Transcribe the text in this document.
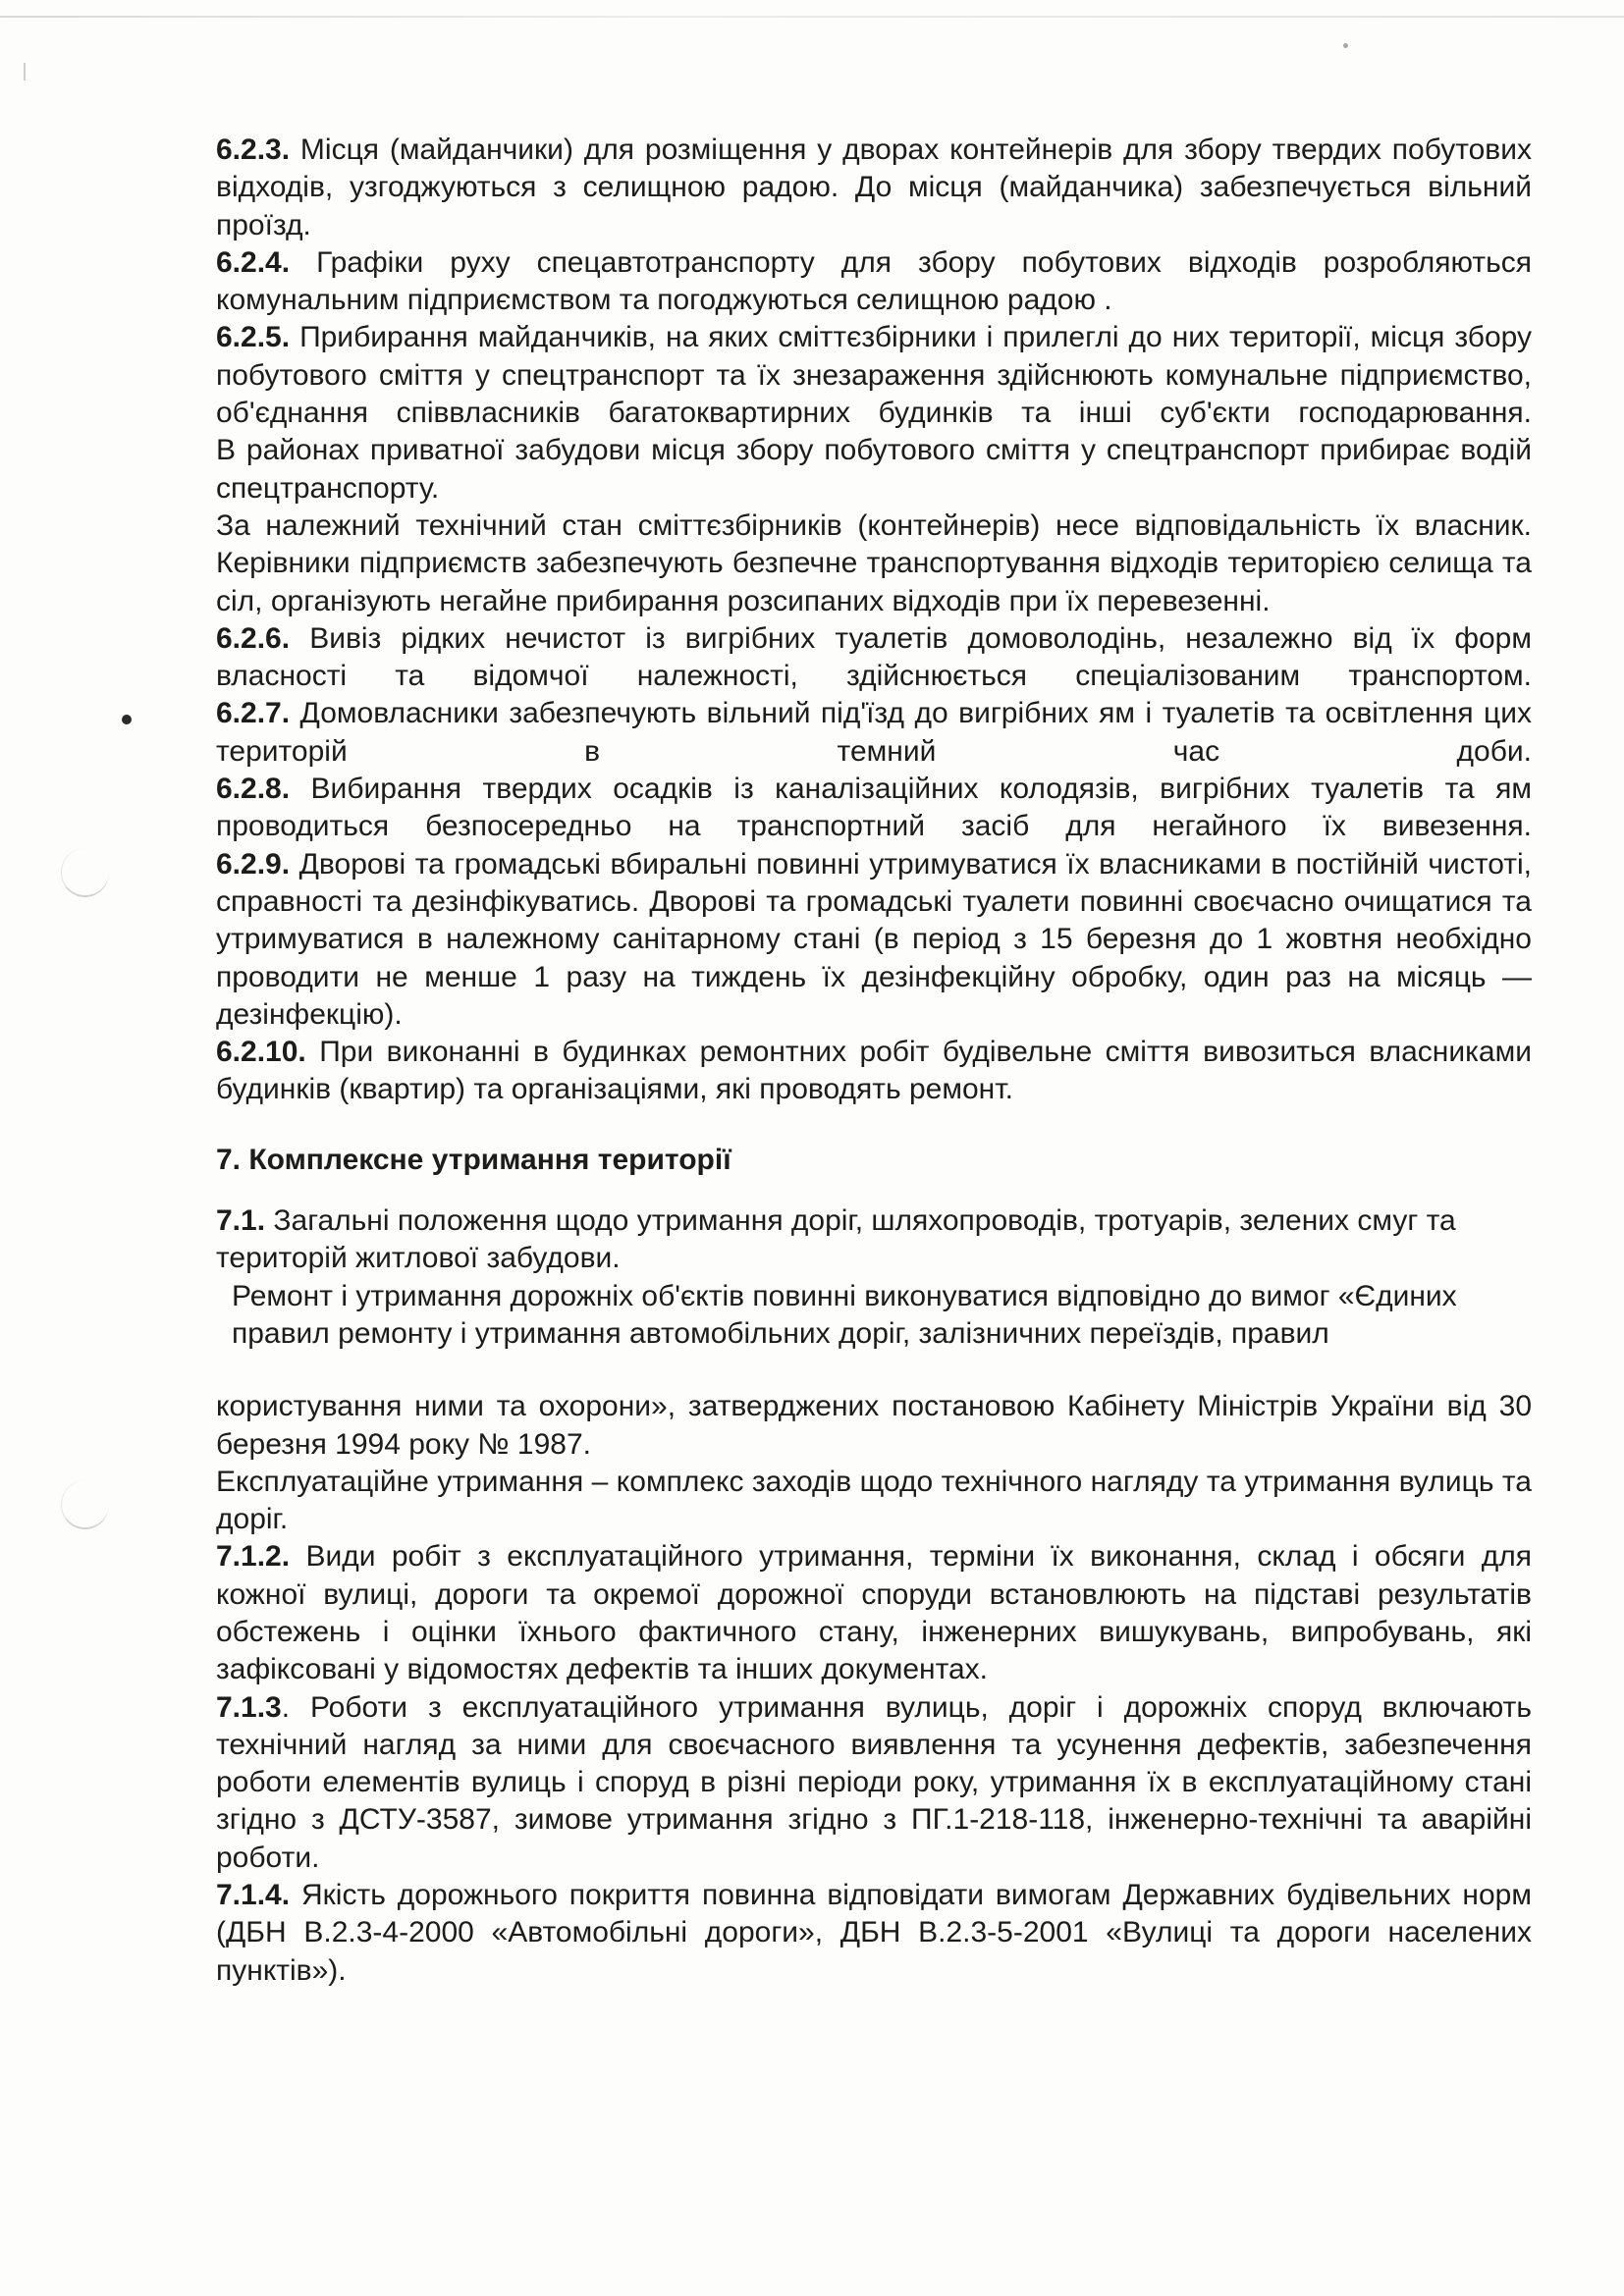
6.2.3. Місця (майданчики) для розміщення у дворах контейнерів для збору твердих побутових відходів, узгоджуються з селищною радою. До місця (майданчика) забезпечується вільний проїзд.

6.2.4. Графіки руху спецавтотранспорту для збору побутових відходів розробляються комунальним підприємством та погоджуються селищною радою .

6.2.5. Прибирання майданчиків, на яких сміттєзбірники і прилеглі до них території, місця збору побутового сміття у спецтранспорт та їх знезараження здійснюють комунальне підприємство, об'єднання співвласників багатоквартирних будинків та інші суб'єкти господарювання.

В районах приватної забудови місця збору побутового сміття у спецтранспорт прибирає водій спецтранспорту.

За належний технічний стан сміттєзбірників (контейнерів) несе відповідальність їх власник. Керівники підприємств забезпечують безпечне транспортування відходів територією селища та сіл, організують негайне прибирання розсипаних відходів при їх перевезенні.

6.2.6. Вивіз рідких нечистот із вигрібних туалетів домоволодінь, незалежно від їх форм власності та відомчої належності, здійснюється спеціалізованим транспортом.

6.2.7. Домовласники забезпечують вільний під'їзд до вигрібних ям і туалетів та освітлення цих територій в темний час доби.

6.2.8. Вибирання твердих осадків із каналізаційних колодязів, вигрібних туалетів та ям проводиться безпосередньо на транспортний засіб для негайного їх вивезення.

6.2.9. Дворові та громадські вбиральні повинні утримуватися їх власниками в постійній чистоті, справності та дезінфікуватись. Дворові та громадські туалети повинні своєчасно очищатися та утримуватися в належному санітарному стані (в період з 15 березня до 1 жовтня необхідно проводити не менше 1 разу на тиждень їх дезінфекційну обробку, один раз на місяць — дезінфекцію).

6.2.10. При виконанні в будинках ремонтних робіт будівельне сміття вивозиться власниками будинків (квартир) та організаціями, які проводять ремонт.

7. Комплексне утримання території

7.1. Загальні положення щодо утримання доріг, шляхопроводів, тротуарів, зелених смуг та територій житлової забудови.

Ремонт і утримання дорожніх об'єктів повинні виконуватися відповідно до вимог «Єдиних правил ремонту і утримання автомобільних доріг, залізничних переїздів, правил

користування ними та охорони», затверджених постановою Кабінету Міністрів України від 30 березня 1994 року № 1987.

Експлуатаційне утримання – комплекс заходів щодо технічного нагляду та утримання вулиць та доріг.

7.1.2. Види робіт з експлуатаційного утримання, терміни їх виконання, склад і обсяги для кожної вулиці, дороги та окремої дорожної споруди встановлюють на підставі результатів обстежень і оцінки їхнього фактичного стану, інженерних вишукувань, випробувань, які зафіксовані у відомостях дефектів та інших документах.

7.1.3. Роботи з експлуатаційного утримання вулиць, доріг і дорожніх споруд включають технічний нагляд за ними для своєчасного виявлення та усунення дефектів, забезпечення роботи елементів вулиць і споруд в різні періоди року, утримання їх в експлуатаційному стані згідно з ДСТУ-3587, зимове утримання згідно з ПГ.1-218-118, інженерно-технічні та аварійні роботи.

7.1.4. Якість дорожнього покриття повинна відповідати вимогам Державних будівельних норм (ДБН В.2.3-4-2000 «Автомобільні дороги», ДБН В.2.3-5-2001 «Вулиці та дороги населених пунктів»).
